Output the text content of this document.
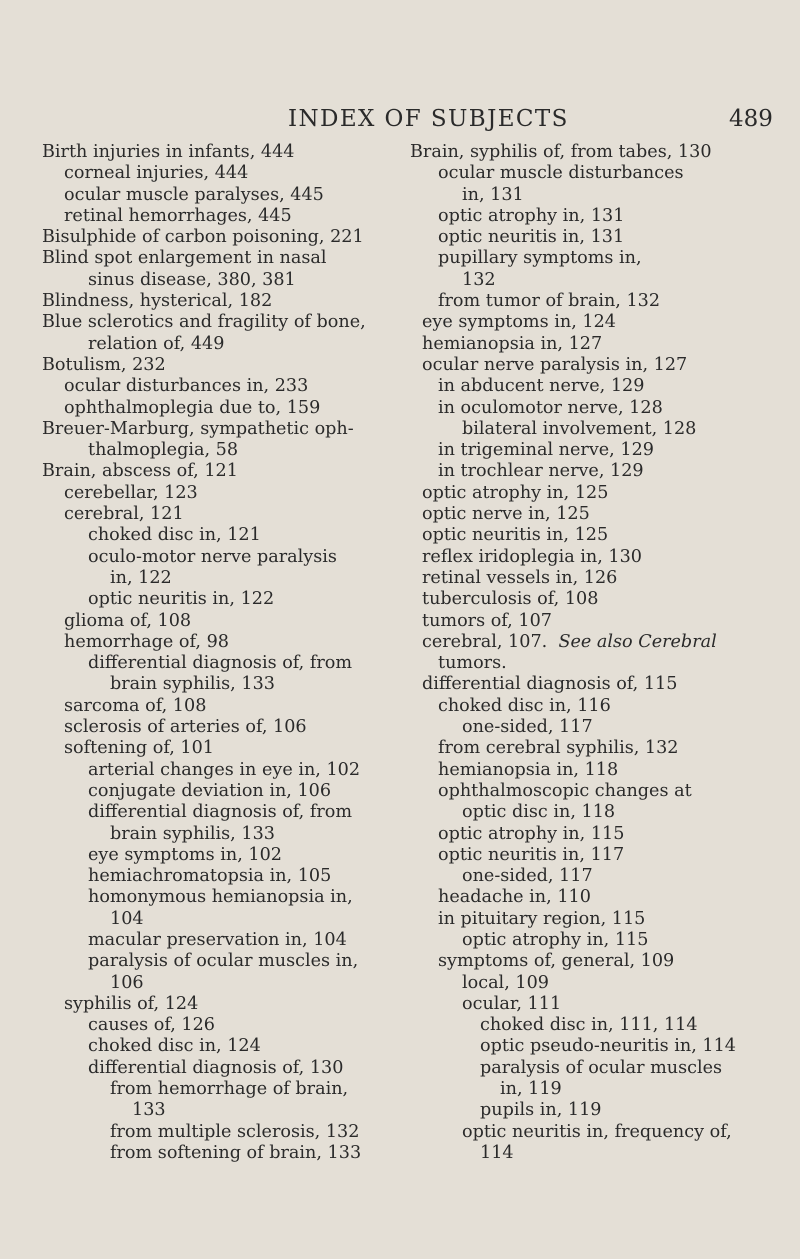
INDEX OF SUBJECTS	489
Birth injuries in infants, 444
corneal injuries, 444
ocular muscle paralyses, 445
retinal hemorrhages, 445
Bisulphide of carbon poisoning, 221
Blind spot enlargement in nasal
sinus disease, 380, 381
Blindness, hysterical, 182
Blue sclerotics and fragility of bone,
relation of, 449
Botulism, 232
ocular disturbances in, 233
ophthalmoplegia due to, 159
Breuer-Marburg, sympathetic oph-
thalmoplegia, 58
Brain, abscess of, 121
cerebellar, 123
cerebral, 121
choked disc in, 121
oculo-motor nerve paralysis
in, 122
optic neuritis in, 122
glioma of, 108
hemorrhage of, 98
differential diagnosis of, from
brain syphilis, 133
sarcoma of, 108
sclerosis of arteries of, 106
softening of, 101
arterial changes in eye in, 102
conjugate deviation in, 106
differential diagnosis of, from
brain syphilis, 133
eye symptoms in, 102
hemiachromatopsia in, 105
homonymous hemianopsia in,
104
macular preservation in, 104
paralysis of ocular muscles in,
106
syphilis of, 124
causes of, 126
choked disc in, 124
differential diagnosis of, 130
from hemorrhage of brain,
133
from multiple sclerosis, 132
from softening of brain, 133
Brain, syphilis of, from tabes, 130
ocular muscle disturbances
in, 131
optic atrophy in, 131
optic neuritis in, 131
pupillary symptoms in,
132
from tumor of brain, 132
eye symptoms in, 124
hemianopsia in, 127
ocular nerve paralysis in, 127
in abducent nerve, 129
in oculomotor nerve, 128
bilateral involvement, 128
in trigeminal nerve, 129
in trochlear nerve, 129
optic atrophy in, 125
optic nerve in, 125
optic neuritis in, 125
reflex iridoplegia in, 130
retinal vessels in, 126
tuberculosis of, 108
tumors of, 107
cerebral, 107. See also Cerebral
tumors.
differential diagnosis of, 115
choked disc in, 116
one-sided, 117
from cerebral syphilis, 132
hemianopsia in, 118
ophthalmoscopic changes at
optic disc in, 118
optic atrophy in, 115
optic neuritis in, 117
one-sided, 117
headache in, 110
in pituitary region, 115
optic atrophy in, 115
symptoms of, general, 109
local, 109
ocular, 111
choked disc in, 111, 114
optic pseudo-neuritis in, 114
paralysis of ocular muscles
in, 119
pupils in, 119
optic neuritis in, frequency of,
114
